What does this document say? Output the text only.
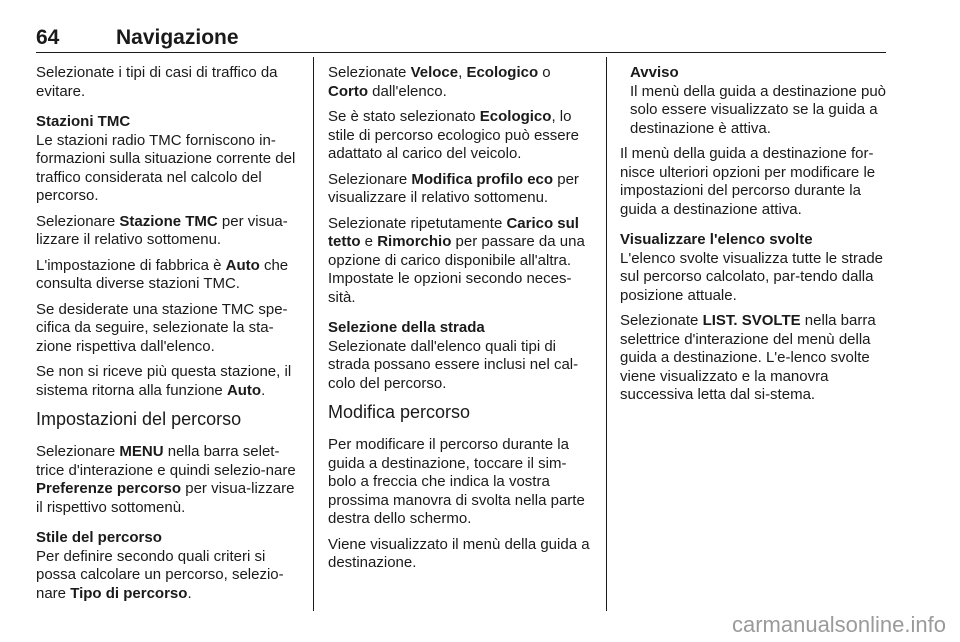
64	Navigazione

Selezionate i tipi di casi di traffico da evitare.

Stazioni TMC

Le stazioni radio TMC forniscono in-formazioni sulla situazione corrente del traffico considerata nel calcolo del percorso.

Selezionare Stazione TMC per visua-lizzare il relativo sottomenu.

L'impostazione di fabbrica è Auto che consulta diverse stazioni TMC.

Se desiderate una stazione TMC spe-cifica da seguire, selezionate la sta-zione rispettiva dall'elenco.

Se non si riceve più questa stazione, il sistema ritorna alla funzione Auto.

Impostazioni del percorso

Selezionare MENU nella barra selet-trice d'interazione e quindi selezio-nare Preferenze percorso per visua-lizzare il rispettivo sottomenù.

Stile del percorso

Per definire secondo quali criteri si possa calcolare un percorso, selezio-nare Tipo di percorso.

Selezionate Veloce, Ecologico o Corto dall'elenco.

Se è stato selezionato Ecologico, lo stile di percorso ecologico può essere adattato al carico del veicolo.

Selezionare Modifica profilo eco per visualizzare il relativo sottomenu.

Selezionate ripetutamente Carico sul tetto e Rimorchio per passare da una opzione di carico disponibile all'altra.
Impostate le opzioni secondo neces-sità.

Selezione della strada

Selezionate dall'elenco quali tipi di strada possano essere inclusi nel cal-colo del percorso.

Modifica percorso

Per modificare il percorso durante la guida a destinazione, toccare il sim-bolo a freccia che indica la vostra prossima manovra di svolta nella parte destra dello schermo.

Viene visualizzato il menù della guida a destinazione.

Avviso
Il menù della guida a destinazione può solo essere visualizzato se la guida a destinazione è attiva.

Il menù della guida a destinazione for-nisce ulteriori opzioni per modificare le impostazioni del percorso durante la guida a destinazione attiva.

Visualizzare l'elenco svolte

L'elenco svolte visualizza tutte le strade sul percorso calcolato, par-tendo dalla posizione attuale.

Selezionate LIST. SVOLTE nella barra selettrice d'interazione del menù della guida a destinazione. L'e-lenco svolte viene visualizzato e la manovra successiva letta dal si-stema.

carmanualsonline.info
